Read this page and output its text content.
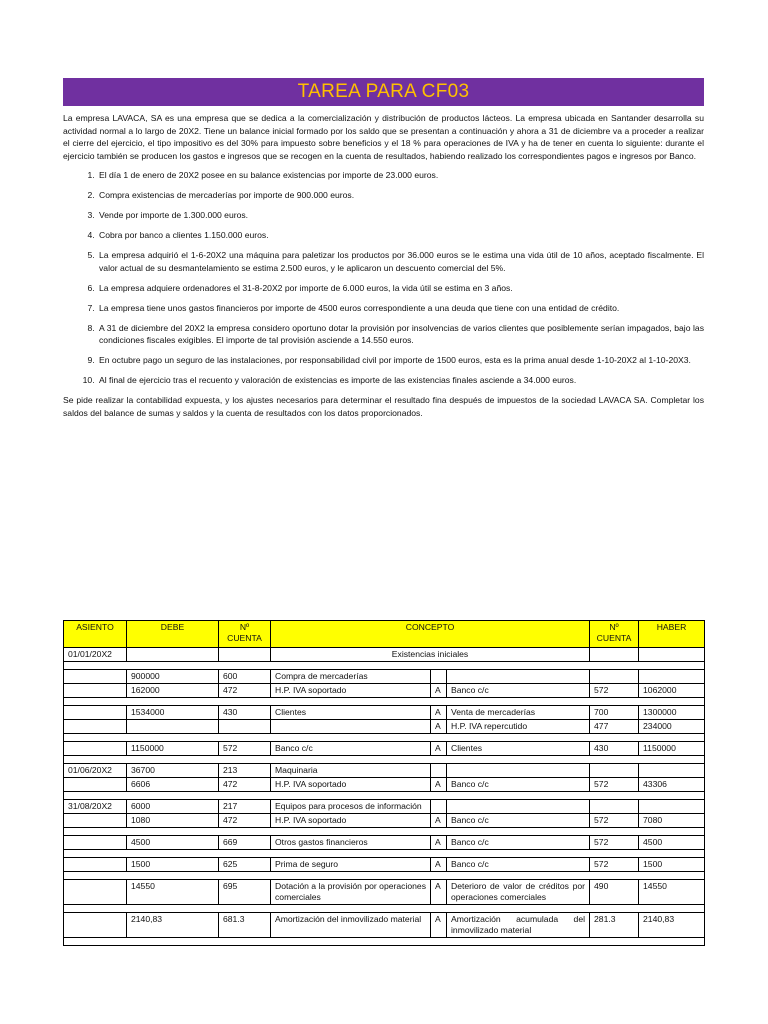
TAREA PARA CF03

La empresa LAVACA, SA es una empresa que se dedica a la comercialización y distribución de productos lácteos. La empresa ubicada en Santander desarrolla su actividad normal a lo largo de 20X2. Tiene un balance inicial formado por los saldo que se presentan a continuación y ahora a 31 de diciembre va a proceder a realizar el cierre del ejercicio, el tipo impositivo es del 30% para impuesto sobre beneficios y el 18 % para operaciones de IVA y ha de tener en cuenta lo siguiente: durante el ejercicio también se producen los gastos e ingresos que se recogen en la cuenta de resultados, habiendo realizado los correspondientes pagos e ingresos por Banco.

1. El día 1 de enero de 20X2 posee en su balance existencias por importe de 23.000 euros.
2. Compra existencias de mercaderías por importe de 900.000 euros.
3. Vende por importe de 1.300.000 euros.
4. Cobra por banco a clientes 1.150.000 euros.
5. La empresa adquirió el 1-6-20X2 una máquina para paletizar los productos por 36.000 euros se le estima una vida útil de 10 años, aceptado fiscalmente. El valor actual de su desmantelamiento se estima 2.500 euros, y le aplicaron un descuento comercial del 5%.
6. La empresa adquiere ordenadores el 31-8-20X2 por importe de 6.000 euros, la vida útil se estima en 3 años.
7. La empresa tiene unos gastos financieros por importe de 4500 euros correspondiente a una deuda que tiene con una entidad de crédito.
8. A 31 de diciembre del 20X2 la empresa considero oportuno dotar la provisión por insolvencias de varios clientes que posiblemente serían impagados, bajo las condiciones fiscales exigibles. El importe de tal provisión asciende a 14.550 euros.
9. En octubre pago un seguro de las instalaciones, por responsabilidad civil por importe de 1500 euros, esta es la prima anual desde 1-10-20X2 al 1-10-20X3.
10. Al final de ejercicio tras el recuento y valoración de existencias es importe de las existencias finales asciende a 34.000 euros.

Se pide realizar la contabilidad expuesta, y los ajustes necesarios para determinar el resultado fina después de impuestos de la sociedad LAVACA SA. Completar los saldos del balance de sumas y saldos y la cuenta de resultados con los datos proporcionados.

ASIENTO	DEBE	Nº CUENTA	CONCEPTO			Nº CUENTA	HABER
01/01/20X2			Existencias iniciales				

	900000	600	Compra de mercaderías				
	162000	472	H.P. IVA soportado	A	Banco c/c	572	1062000

	1534000	430	Clientes	A	Venta de mercaderías	700	1300000
				A	H.P. IVA repercutido	477	234000

	1150000	572	Banco c/c	A	Clientes	430	1150000

01/06/20X2	36700	213	Maquinaria				
	6606	472	H.P. IVA soportado	A	Banco c/c	572	43306

31/08/20X2	6000	217	Equipos para procesos de información				
	1080	472	H.P. IVA soportado	A	Banco c/c	572	7080

	4500	669	Otros gastos financieros	A	Banco c/c	572	4500

	1500	625	Prima de seguro	A	Banco c/c	572	1500

	14550	695	Dotación a la provisión por operaciones comerciales	A	Deterioro de valor de créditos por operaciones comerciales	490	14550

	2140,83	681.3	Amortización del inmovilizado material	A	Amortización acumulada del inmovilizado material	281.3	2140,83
